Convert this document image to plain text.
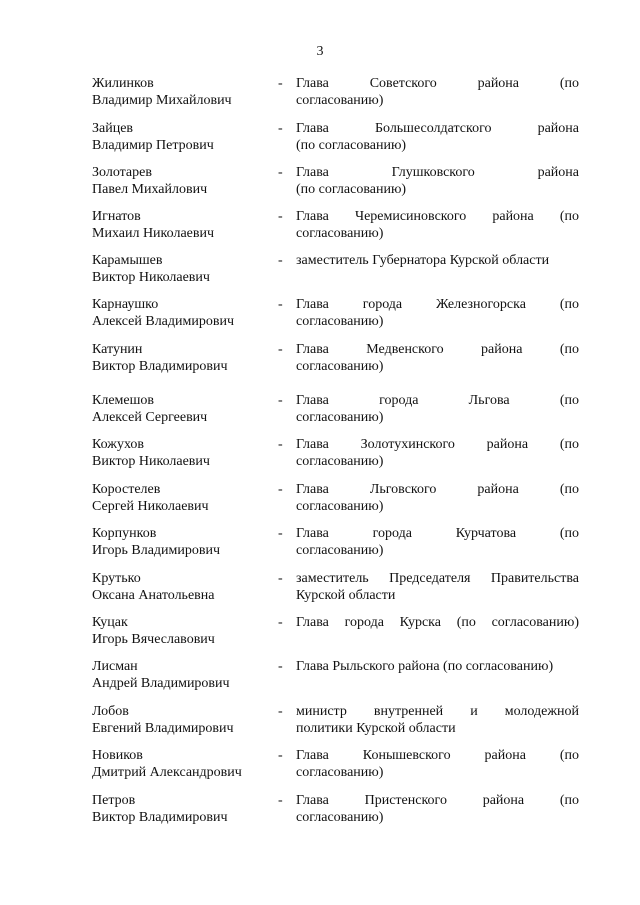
3
Жилинков
Владимир Михайлович
- Глава Советского района (по
согласованию)
Зайцев
Владимир Петрович
- Глава Большесолдатского района
(по согласованию)
Золотарев
Павел Михайлович
- Глава Глушковского района
(по согласованию)
Игнатов
Михаил Николаевич
- Глава Черемисиновского района (по
согласованию)
Карамышев
Виктор Николаевич
- заместитель Губернатора Курской области
Карнаушко
Алексей Владимирович
- Глава города Железногорска (по
согласованию)
Катунин
Виктор Владимирович
- Глава Медвенского района (по
согласованию)
Клемешов
Алексей Сергеевич
- Глава города Льгова (по
согласованию)
Кожухов
Виктор Николаевич
- Глава Золотухинского района (по
согласованию)
Коростелев
Сергей Николаевич
- Глава Льговского района (по
согласованию)
Корпунков
Игорь Владимирович
- Глава города Курчатова (по
согласованию)
Крутько
Оксана Анатольевна
- заместитель Председателя Правительства
Курской области
Куцак
Игорь Вячеславович
- Глава города Курска (по согласованию)
Лисман
Андрей Владимирович
- Глава Рыльского района (по согласованию)
Лобов
Евгений Владимирович
- министр внутренней и молодежной
политики Курской области
Новиков
Дмитрий Александрович
- Глава Конышевского района (по
согласованию)
Петров
Виктор Владимирович
- Глава Пристенского района (по
согласованию)
